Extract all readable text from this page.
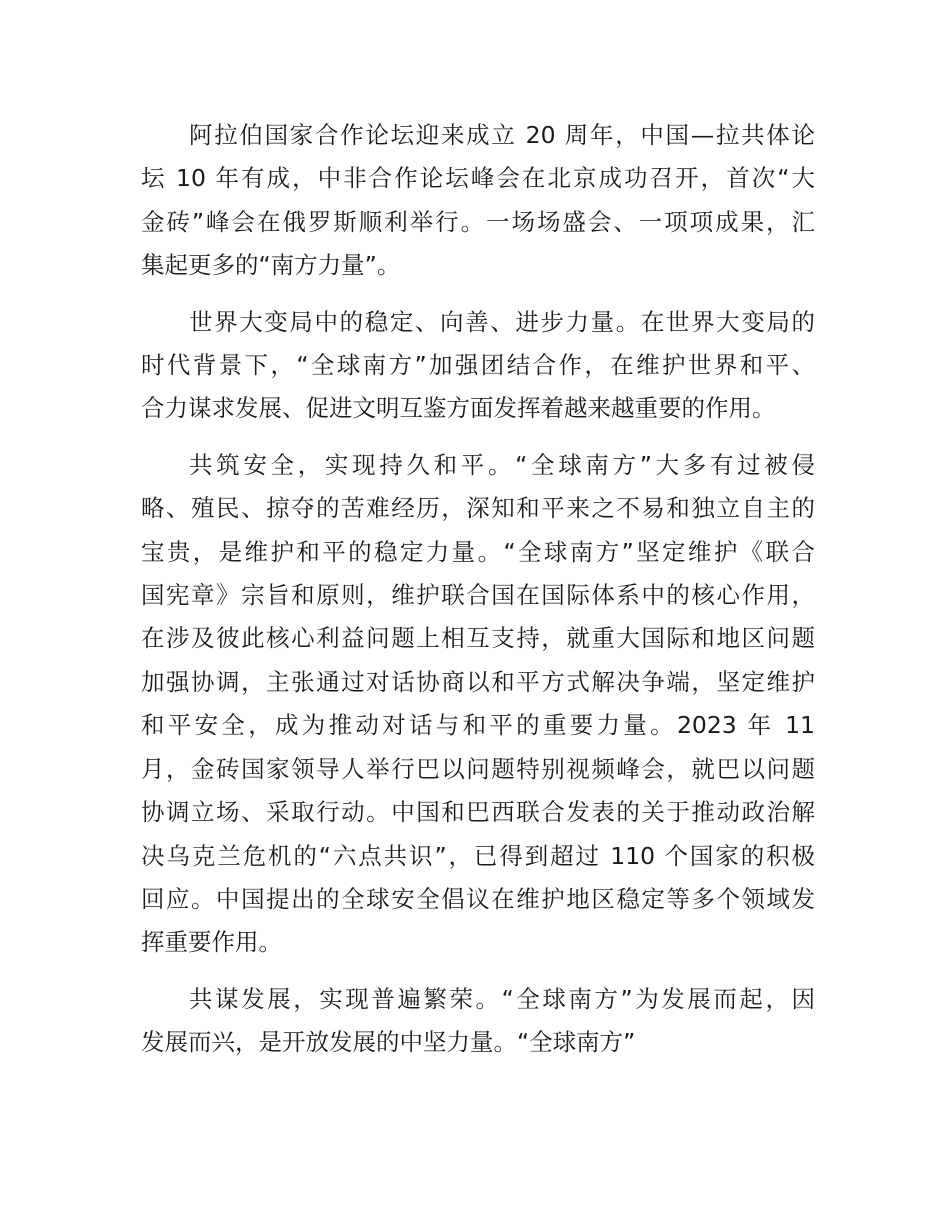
阿拉伯国家合作论坛迎来成立 20 周年，中国—拉共体论
坛 10 年有成，中非合作论坛峰会在北京成功召开，首次“大
金砖”峰会在俄罗斯顺利举行。一场场盛会、一项项成果，汇
集起更多的“南方力量”。
世界大变局中的稳定、向善、进步力量。在世界大变局的
时代背景下，“全球南方”加强团结合作，在维护世界和平、
合力谋求发展、促进文明互鉴方面发挥着越来越重要的作用。
共筑安全，实现持久和平。“全球南方”大多有过被侵
略、殖民、掠夺的苦难经历，深知和平来之不易和独立自主的
宝贵，是维护和平的稳定力量。“全球南方”坚定维护《联合
国宪章》宗旨和原则，维护联合国在国际体系中的核心作用，
在涉及彼此核心利益问题上相互支持，就重大国际和地区问题
加强协调，主张通过对话协商以和平方式解决争端，坚定维护
和平安全，成为推动对话与和平的重要力量。2023 年 11
月，金砖国家领导人举行巴以问题特别视频峰会，就巴以问题
协调立场、采取行动。中国和巴西联合发表的关于推动政治解
决乌克兰危机的“六点共识”，已得到超过 110 个国家的积极
回应。中国提出的全球安全倡议在维护地区稳定等多个领域发
挥重要作用。
共谋发展，实现普遍繁荣。“全球南方”为发展而起，因
发展而兴，是开放发展的中坚力量。“全球南方”
